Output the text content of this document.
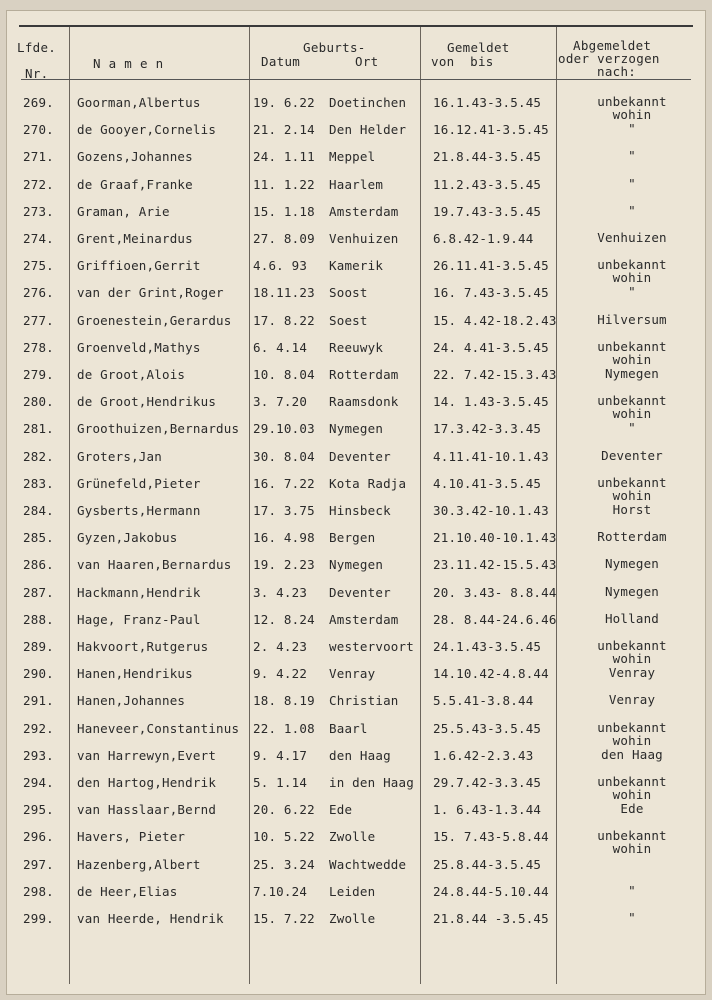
Lfde.
Nr.
N a m e n
Geburts-
Datum	Ort
Gemeldet
von  bis
Abgemeldet
oder verzogen
nach:
269. Goorman,Albertus	19. 6.22 Doetinchen 16.1.43-3.5.45	unbekannt
wohin
270. de Gooyer,Cornelis	21. 2.14 Den Helder 16.12.41-3.5.45	"
271. Gozens,Johannes	24. 1.11 Meppel	21.8.44-3.5.45	"
272. de Graaf,Franke	11. 1.22 Haarlem	11.2.43-3.5.45	"
273. Graman, Arie	15. 1.18 Amsterdam	19.7.43-3.5.45	"
274. Grent,Meinardus	27. 8.09 Venhuizen	6.8.42-1.9.44	Venhuizen
275. Griffioen,Gerrit	4.6. 93 Kamerik	26.11.41-3.5.45	unbekannt
wohin
276. van der Grint,Roger 18.11.23 Soost	16. 7.43-3.5.45	"
277. Groenestein,Gerardus 17. 8.22 Soest	15. 4.42-18.2.43	Hilversum
278. Groenveld,Mathys	6. 4.14 Reeuwyk	24. 4.41-3.5.45	unbekannt
wohin
279. de Groot,Alois	10. 8.04 Rotterdam	22. 7.42-15.3.43	Nymegen
280. de Groot,Hendrikus	3. 7.20 Raamsdonk	14. 1.43-3.5.45	unbekannt
wohin
281. Groothuizen,Bernardus 29.10.03 Nymegen	17.3.42-3.3.45	"
282. Groters,Jan	30. 8.04 Deventer	4.11.41-10.1.43	Deventer
283. Grünefeld,Pieter	16. 7.22 Kota Radja 4.10.41-3.5.45	unbekannt
wohin
284. Gysberts,Hermann	17. 3.75 Hinsbeck	30.3.42-10.1.43	Horst
285. Gyzen,Jakobus	16. 4.98 Bergen	21.10.40-10.1.43	Rotterdam
286. van Haaren,Bernardus 19. 2.23 Nymegen	23.11.42-15.5.43	Nymegen
287. Hackmann,Hendrik	3. 4.23 Deventer	20. 3.43- 8.8.44	Nymegen
288. Hage, Franz-Paul	12. 8.24 Amsterdam	28. 8.44-24.6.46	Holland
289. Hakvoort,Rutgerus	2. 4.23 westervoort 24.1.43-3.5.45	unbekannt
wohin
290. Hanen,Hendrikus	9. 4.22 Venray	14.10.42-4.8.44	Venray
291. Hanen,Johannes	18. 8.19 Christian	5.5.41-3.8.44	Venray
292. Haneveer,Constantinus 22. 1.08 Baarl	25.5.43-3.5.45	unbekannt
wohin
293. van Harrewyn,Evert	9. 4.17 den Haag	1.6.42-2.3.43	den Haag
294. den Hartog,Hendrik	5. 1.14 in den Haag 29.7.42-3.3.45	unbekannt
wohin
295. van Hasslaar,Bernd	20. 6.22 Ede	1. 6.43-1.3.44	Ede
296. Havers, Pieter	10. 5.22 Zwolle	15. 7.43-5.8.44	unbekannt
wohin
297. Hazenberg,Albert	25. 3.24 Wachtwedde 25.8.44-3.5.45
298. de Heer,Elias	7.10.24 Leiden	24.8.44-5.10.44	"
299. van Heerde, Hendrik 15. 7.22 Zwolle	21.8.44 -3.5.45	"
